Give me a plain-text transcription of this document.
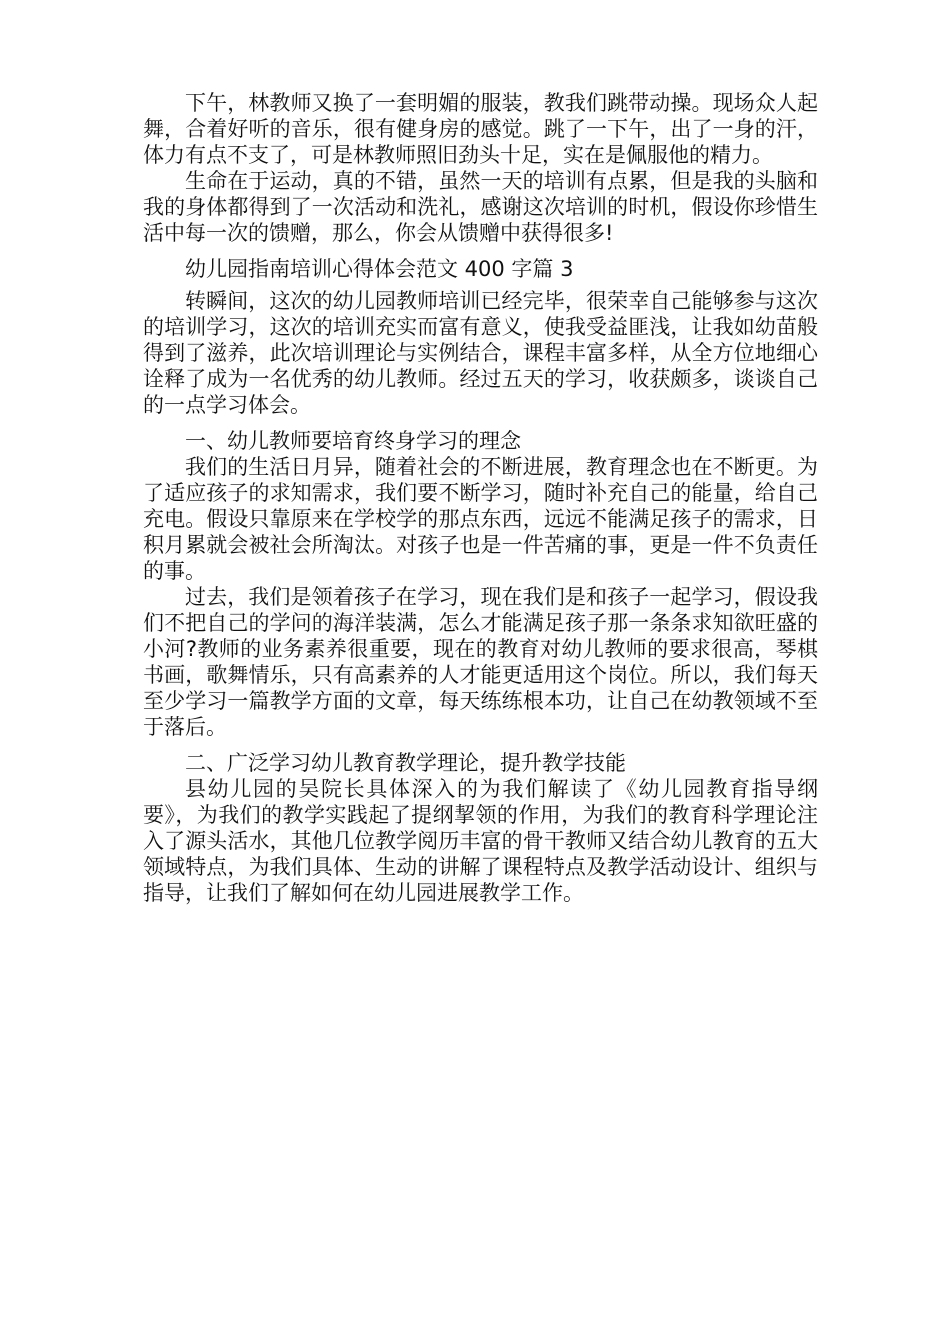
下午，林教师又换了一套明媚的服装，教我们跳带动操。现场众人起舞，合着好听的音乐，很有健身房的感觉。跳了一下午，出了一身的汗，体力有点不支了，可是林教师照旧劲头十足，实在是佩服他的精力。

生命在于运动，真的不错，虽然一天的培训有点累，但是我的头脑和我的身体都得到了一次活动和洗礼，感谢这次培训的时机，假设你珍惜生活中每一次的馈赠，那么，你会从馈赠中获得很多!

幼儿园指南培训心得体会范文 400 字篇 3

转瞬间，这次的幼儿园教师培训已经完毕，很荣幸自己能够参与这次的培训学习，这次的培训充实而富有意义，使我受益匪浅，让我如幼苗般得到了滋养，此次培训理论与实例结合，课程丰富多样，从全方位地细心诠释了成为一名优秀的幼儿教师。经过五天的学习，收获颇多，谈谈自己的一点学习体会。

一、幼儿教师要培育终身学习的理念

我们的生活日月异，随着社会的不断进展，教育理念也在不断更。为了适应孩子的求知需求，我们要不断学习，随时补充自己的能量，给自己充电。假设只靠原来在学校学的那点东西，远远不能满足孩子的需求，日积月累就会被社会所淘汰。对孩子也是一件苦痛的事，更是一件不负责任的事。

过去，我们是领着孩子在学习，现在我们是和孩子一起学习，假设我们不把自己的学问的海洋装满，怎么才能满足孩子那一条条求知欲旺盛的小河?教师的业务素养很重要，现在的教育对幼儿教师的要求很高，琴棋书画，歌舞情乐，只有高素养的人才能更适用这个岗位。所以，我们每天至少学习一篇教学方面的文章，每天练练根本功，让自己在幼教领域不至于落后。

二、广泛学习幼儿教育教学理论，提升教学技能

县幼儿园的吴院长具体深入的为我们解读了《幼儿园教育指导纲要》，为我们的教学实践起了提纲挈领的作用，为我们的教育科学理论注入了源头活水，其他几位教学阅历丰富的骨干教师又结合幼儿教育的五大领域特点，为我们具体、生动的讲解了课程特点及教学活动设计、组织与指导，让我们了解如何在幼儿园进展教学工作。
